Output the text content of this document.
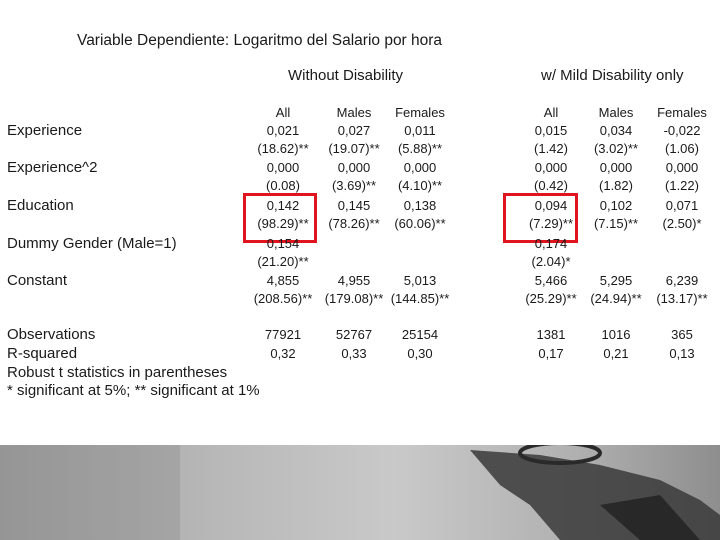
Variable Dependiente: Logaritmo del Salario por hora
Without Disability	w/ Mild Disability only
All	Males Females	All	Males Females
Experience	0,021	0,027	0,011	0,015 0,034 -0,022
(18.62)** (19.07)** (5.88)**	(1.42) (3.02)** (1.06)
Experience^2	0,000	0,000	0,000	0,000 0,000	0,000
(0.08) (3.69)** (4.10)**	(0.42) (1.82) (1.22)
Education	0,142	0,145	0,138	0,094 0,102	0,071
(98.29)** (78.26)** (60.06)**	(7.29)** (7.15)** (2.50)*
Dummy Gender (Male=1)	0,154	0,174
(21.20)**	(2.04)*
Constant	4,855	4,955	5,013	5,466 5,295	6,239
(208.56)** (179.08)** (144.85)**	(25.29)** (24.94)** (13.17)**
Observations	77921	52767 25154	1381	1016	365
R-squared	0,32	0,33	0,30	0,17	0,21	0,13
Robust t statistics in parentheses
* significant at 5%; ** significant at 1%
